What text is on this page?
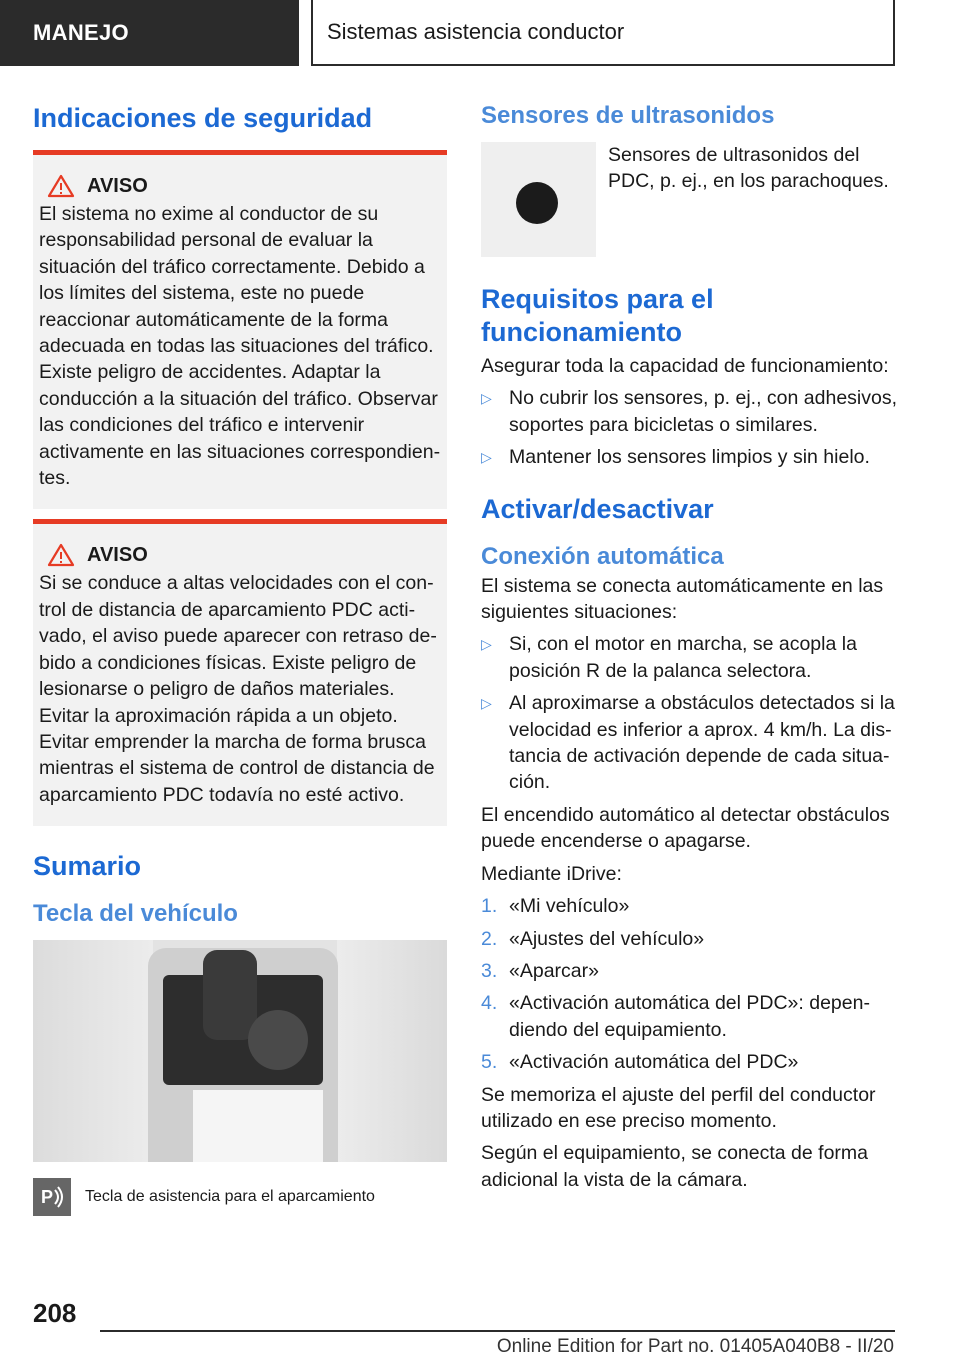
MANEJO	Sistemas asistencia conductor
Indicaciones de seguridad
AVISO

El sistema no exime al conductor de su responsabilidad personal de evaluar la situación del tráfico correctamente. Debido a los límites del sistema, este no puede reaccionar automáticamente de la forma adecuada en todas las situaciones del tráfico. Existe peligro de accidentes. Adaptar la conducción a la situación del tráfico. Observar las condiciones del tráfico e intervenir activamente en las situaciones correspondientes.

AVISO

Si se conduce a altas velocidades con el control de distancia de aparcamiento PDC activado, el aviso puede aparecer con retraso debido a condiciones físicas. Existe peligro de lesionarse o peligro de daños materiales. Evitar la aproximación rápida a un objeto. Evitar emprender la marcha de forma brusca mientras el sistema de control de distancia de aparcamiento PDC todavía no esté activo.

Sumario
Tecla del vehículo
P Tecla de asistencia para el aparcamiento
Sensores de ultrasonidos

Sensores de ultrasonidos del PDC, p. ej., en los parachoques.

Requisitos para el funcionamiento

Asegurar toda la capacidad de funcionamiento:

▷ No cubrir los sensores, p. ej., con adhesivos, soportes para bicicletas o similares.
▷ Mantener los sensores limpios y sin hielo.
Activar/desactivar
Conexión automática

El sistema se conecta automáticamente en las siguientes situaciones:

▷ Si, con el motor en marcha, se acopla la posición R de la palanca selectora.
▷ Al aproximarse a obstáculos detectados si la velocidad es inferior a aprox. 4 km/h. La distancia de activación depende de cada situación.

El encendido automático al detectar obstáculos puede encenderse o apagarse.

Mediante iDrive:

1. «Mi vehículo»
2. «Ajustes del vehículo»
3. «Aparcar»
4. «Activación automática del PDC»: dependiendo del equipamiento.
5. «Activación automática del PDC»

Se memoriza el ajuste del perfil del conductor utilizado en ese preciso momento.

Según el equipamiento, se conecta de forma adicional la vista de la cámara.

208
Online Edition for Part no. 01405A040B8 - II/20
